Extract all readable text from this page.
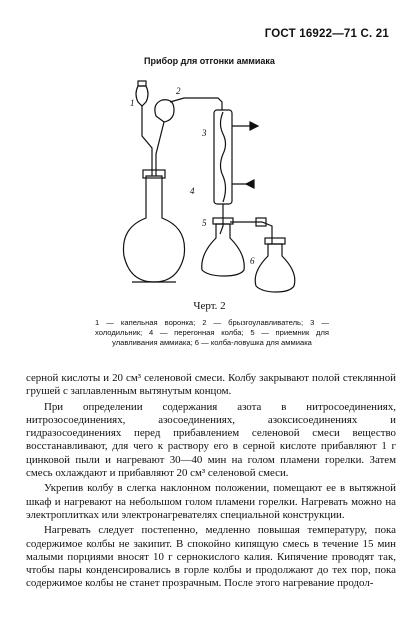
ГОСТ 16922—71 С. 21
Прибор для отгонки аммиака
1
2
3
4
5
6
Черт. 2
1 — капельная воронка; 2 — брызгоулавливатель; 3 — холодильник; 4 — перегонная колба; 5 — приемник для улавливания аммиака; 6 — колба-ловушка для аммиака

серной кислоты и 20 см³ селеновой смеси. Колбу закрывают полой стеклянной грушей с заплавленным вытянутым концом.

При определении содержания азота в нитросоединениях, нитрозосоединениях, азосоединениях, азоксисоединениях и гидразосоединениях перед прибавлением селеновой смеси вещество восстанавливают, для чего к раствору его в серной кислоте прибавляют 1 г цинковой пыли и нагревают 30—40 мин на голом пламени горелки. Затем смесь охлаждают и прибавляют 20 см³ селеновой смеси.

Укрепив колбу в слегка наклонном положении, помещают ее в вытяжной шкаф и нагревают на небольшом голом пламени горелки. Нагревать можно на электроплитках или электронагревателях специальной конструкции.

Нагревать следует постепенно, медленно повышая температуру, пока содержимое колбы не закипит. В спокойно кипящую смесь в течение 15 мин малыми порциями вносят 10 г сернокислого калия. Кипячение проводят так, чтобы пары конденсировались в горле колбы и продолжают до тех пор, пока содержимое колбы не станет прозрачным. После этого нагревание продол-
